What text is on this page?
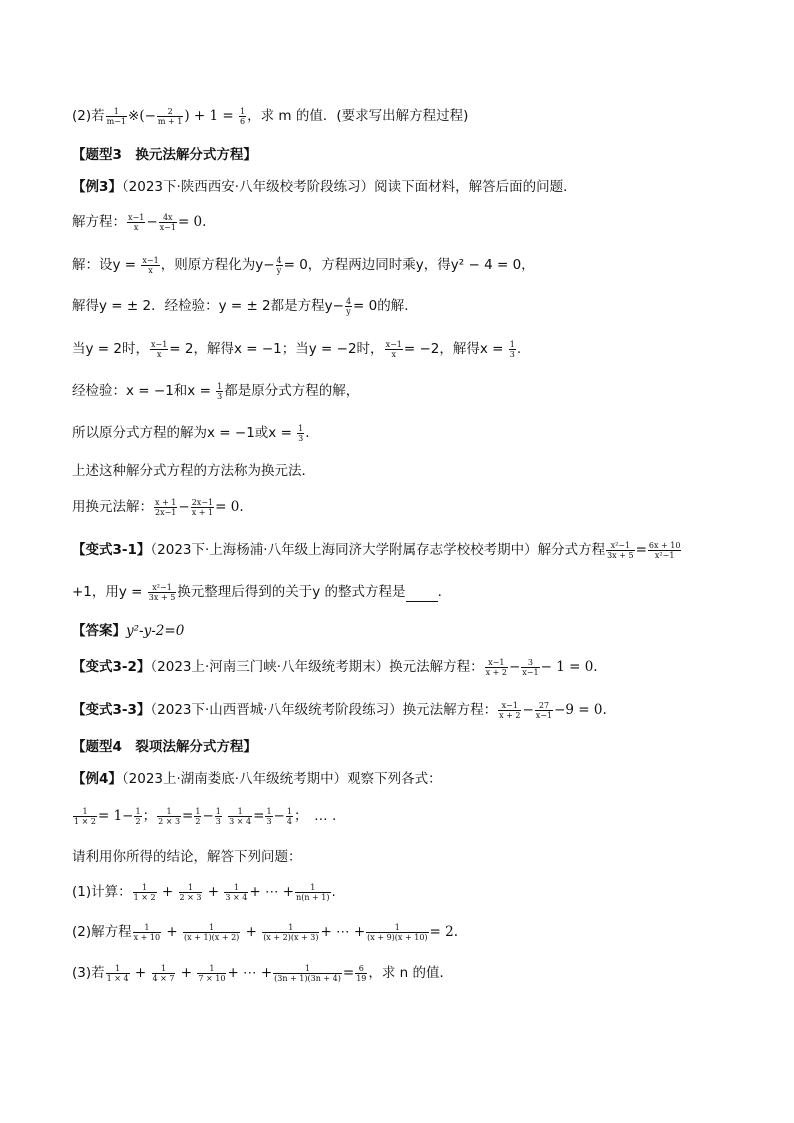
(2)若 $\frac{1}{m-1}$ ※(− $\frac{2}{m + 1}$ ) + $1 = \frac{1}{6}$ ，求 m 的值．(要求写出解方程过程)
【题型3　换元法解分式方程】
【例3】（2023下·陕西西安·八年级校考阶段练习）阅读下面材料，解答后面的问题．
解方程： $\frac{x-1}{x} - \frac{4x}{x-1} = 0$.
解：设$y = \frac{x-1}{x}$ ，则原方程化为$y- \frac{4}{y} = 0$，方程两边同时乘y，得y² − 4 = 0，
解得y = ± 2．经检验：y = ± 2都是方程$y- \frac{4}{y} = 0$的解．
当y = 2时， $\frac{x-1}{x} = 2$，解得x = −1；当y = −2时， $\frac{x-1}{x} = -2$，解得$x = \frac{1}{3}$ .
经检验：x = −1和$x = \frac{1}{3}$ 都是原分式方程的解，
所以原分式方程的解为x = −1或$x = \frac{1}{3}$ .
上述这种解分式方程的方法称为换元法．
用换元法解： $\frac{x + 1}{2x-1} - \frac{2x-1}{x + 1} = 0$.
【变式3-1】（2023下·上海杨浦·八年级上海同济大学附属存志学校校考期中）解分式方程 $\frac{\text{x²−1}}{3x + 5} = \frac{6x + 10}{\text{x²−1}}$
+1，用$y = \frac{\text{x²−1}}{3x + 5}$ 换元整理后得到的关于y 的整式方程是 ．
【答案】y²-y-2=0
【变式3-2】（2023上·河南三门峡·八年级统考期末）换元法解方程： $\frac{x-1}{x + 2} - \frac{3}{x-1} - 1 = 0$.
【变式3-3】（2023下·山西晋城·八年级统考阶段练习）换元法解方程： $\frac{x-1}{x + 2} - \frac{27}{x-1} -9 = 0$.
【题型4　裂项法解分式方程】
【例4】（2023上·湖南娄底·八年级统考期中）观察下列各式：
$\frac{1}{1 \times 2} = 1- \frac{1}{2}$ ； $\frac{1}{2 \times 3} = \frac{1}{2} - \frac{1}{3}$
$\frac{1}{3 \times 4} = \frac{1}{3} - \frac{1}{4}$ ；　… .
请利用你所得的结论，解答下列问题：
(1)计算： $\frac{1}{1 \times 2} + \frac{1}{2 \times 3} + \frac{1}{3 \times 4}$ + ⋯ + $\frac{1}{n(n + 1)}$ .
(2)解方程 $\frac{1}{x + 10} + \frac{1}{(x + 1)(x + 2)} + \frac{1}{(x + 2)(x + 3)}$ + ⋯ + $\frac{1}{(x + 9)(x + 10)} = 2$.
(3)若 $\frac{1}{1 \times 4} + \frac{1}{4 \times 7} + \frac{1}{7 \times 10}$ + ⋯ + $\frac{1}{(3n + 1)(3n + 4)} = \frac{6}{19}$ ，求 n 的值．
